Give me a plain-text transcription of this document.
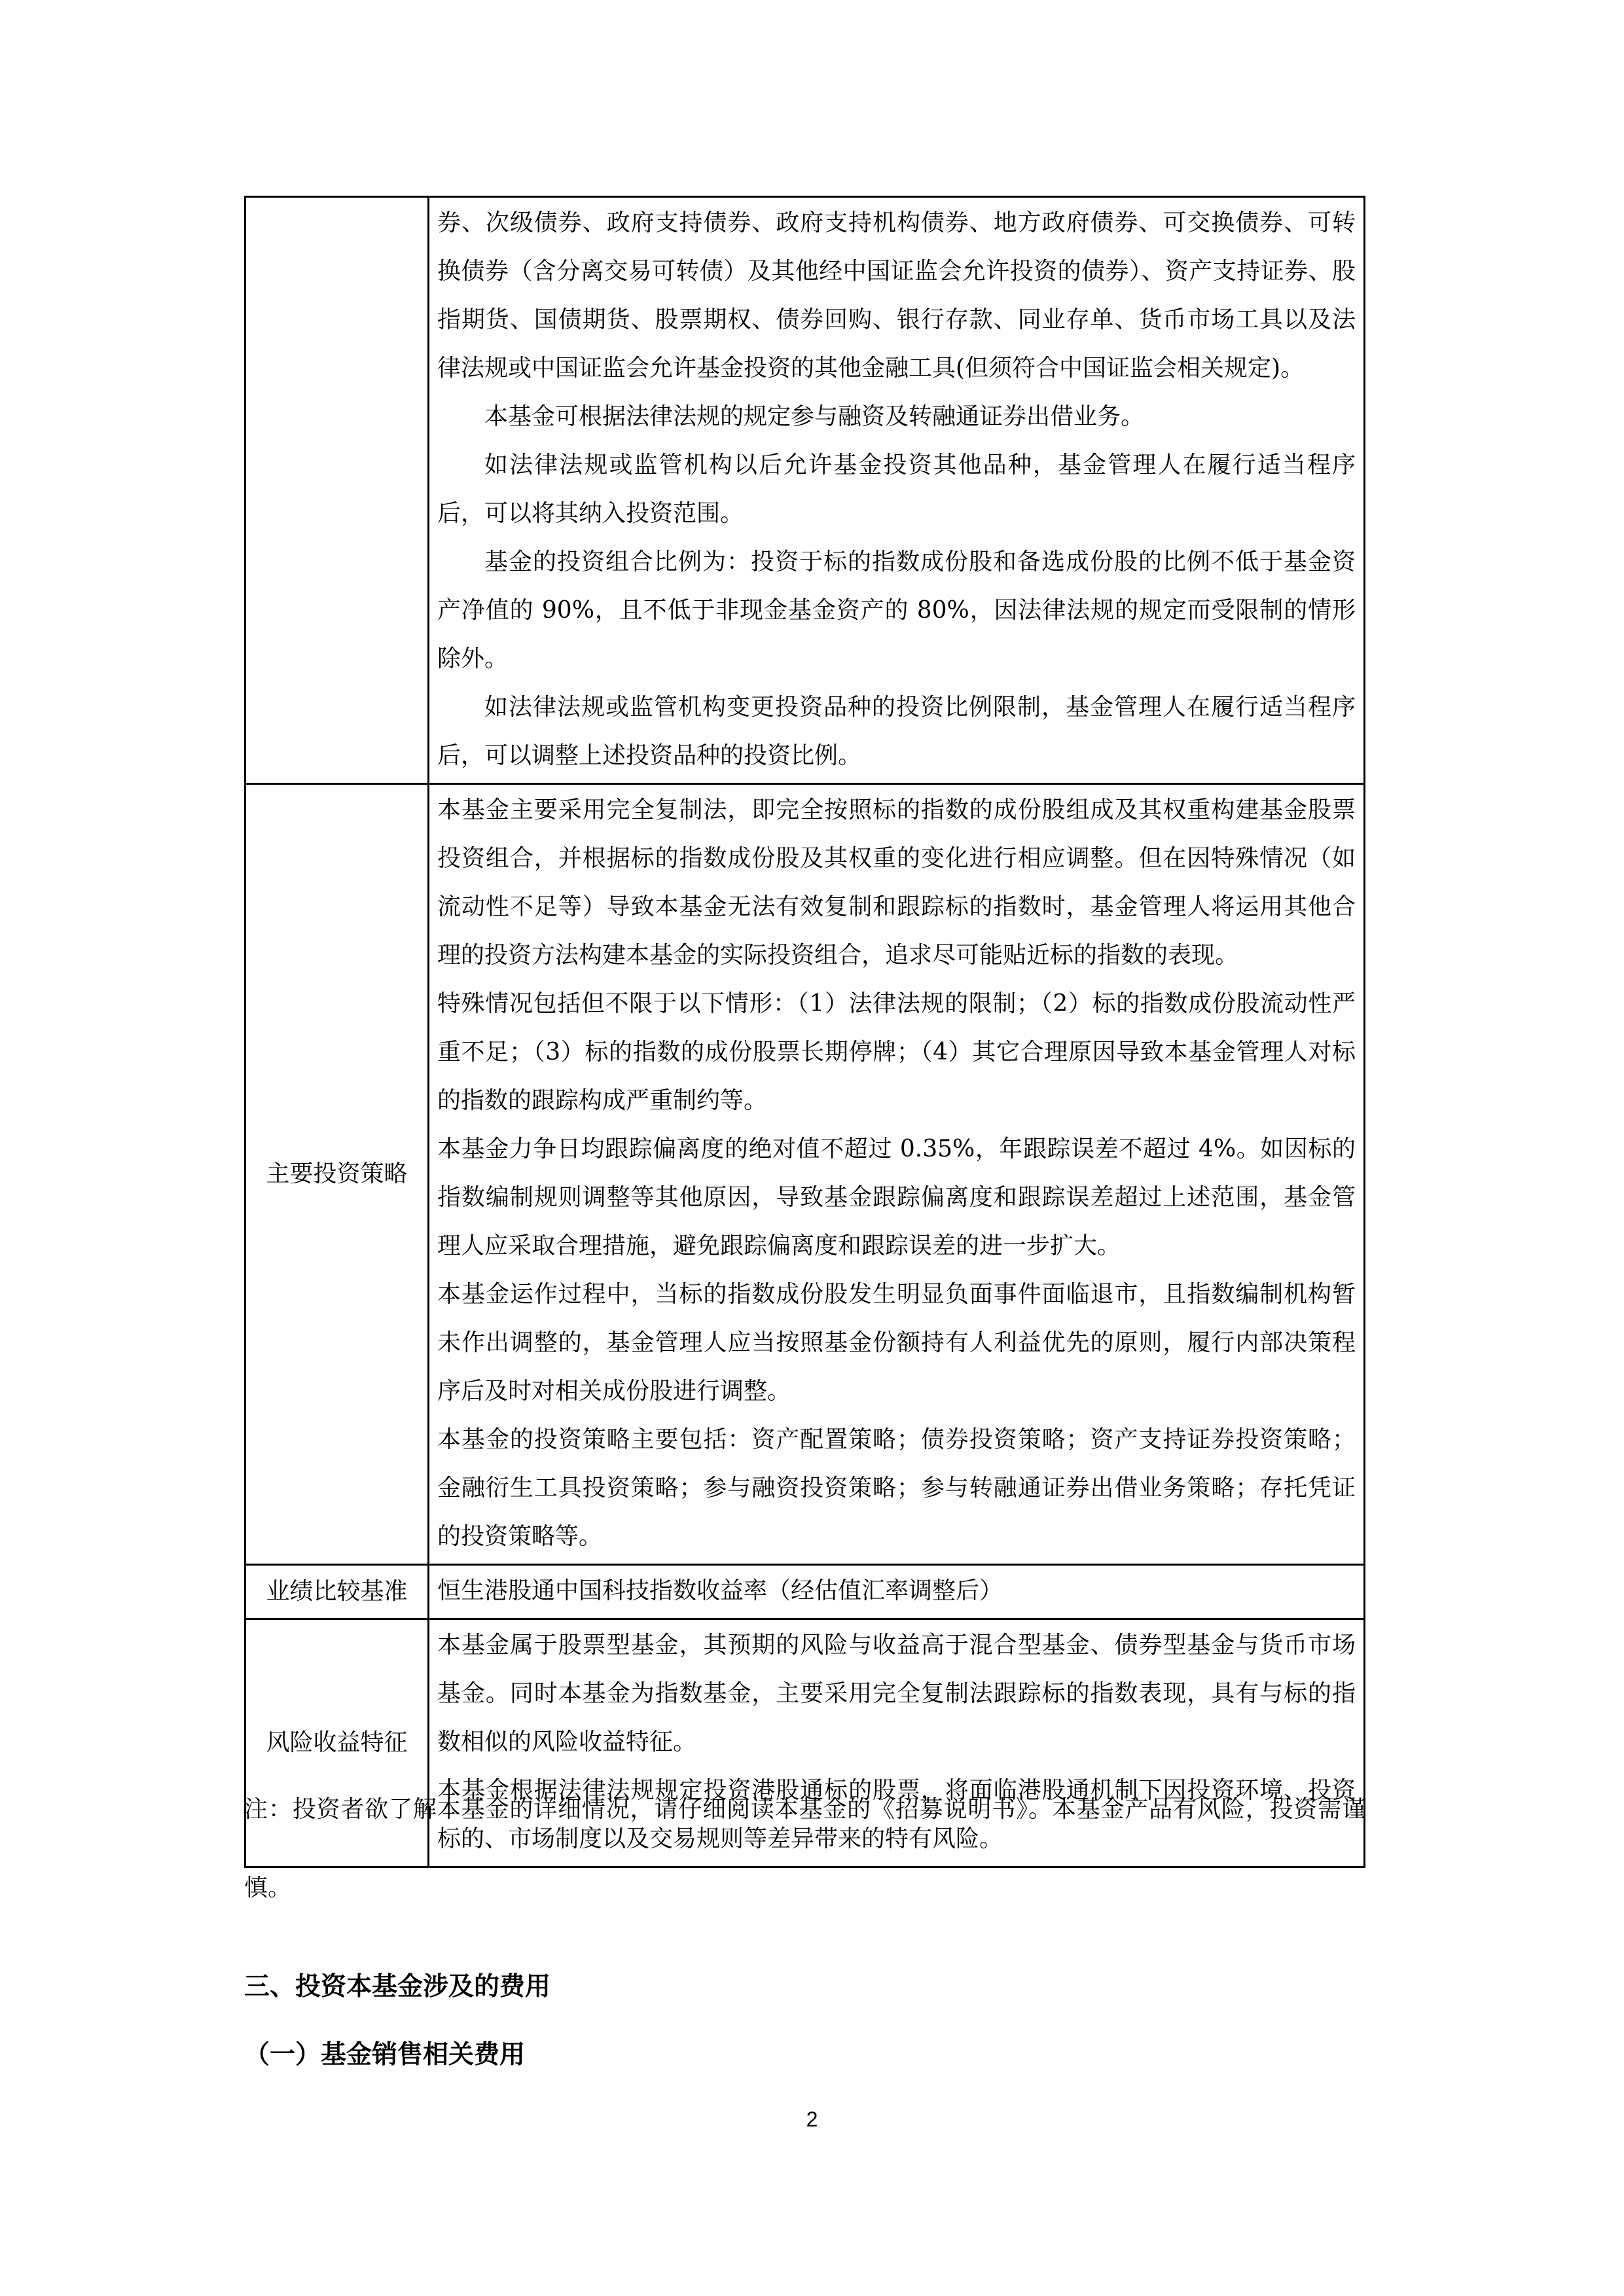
	券、次级债券、政府支持债券、政府支持机构债券、地方政府债券、可交换债券、可转换债券（含分离交易可转债）及其他经中国证监会允许投资的债券）、资产支持证券、股指期货、国债期货、股票期权、债券回购、银行存款、同业存单、货币市场工具以及法律法规或中国证监会允许基金投资的其他金融工具(但须符合中国证监会相关规定)。

本基金可根据法律法规的规定参与融资及转融通证券出借业务。

如法律法规或监管机构以后允许基金投资其他品种，基金管理人在履行适当程序后，可以将其纳入投资范围。

基金的投资组合比例为：投资于标的指数成份股和备选成份股的比例不低于基金资产净值的 90%，且不低于非现金基金资产的 80%，因法律法规的规定而受限制的情形除外。

如法律法规或监管机构变更投资品种的投资比例限制，基金管理人在履行适当程序后，可以调整上述投资品种的投资比例。

主要投资策略	本基金主要采用完全复制法，即完全按照标的指数的成份股组成及其权重构建基金股票投资组合，并根据标的指数成份股及其权重的变化进行相应调整。但在因特殊情况（如流动性不足等）导致本基金无法有效复制和跟踪标的指数时，基金管理人将运用其他合理的投资方法构建本基金的实际投资组合，追求尽可能贴近标的指数的表现。

特殊情况包括但不限于以下情形：（1）法律法规的限制；（2）标的指数成份股流动性严重不足；（3）标的指数的成份股票长期停牌；（4）其它合理原因导致本基金管理人对标的指数的跟踪构成严重制约等。

本基金力争日均跟踪偏离度的绝对值不超过 0.35%，年跟踪误差不超过 4%。如因标的指数编制规则调整等其他原因，导致基金跟踪偏离度和跟踪误差超过上述范围，基金管理人应采取合理措施，避免跟踪偏离度和跟踪误差的进一步扩大。

本基金运作过程中，当标的指数成份股发生明显负面事件面临退市，且指数编制机构暂未作出调整的，基金管理人应当按照基金份额持有人利益优先的原则，履行内部决策程序后及时对相关成份股进行调整。

本基金的投资策略主要包括：资产配置策略；债券投资策略；资产支持证券投资策略；金融衍生工具投资策略；参与融资投资策略；参与转融通证券出借业务策略；存托凭证的投资策略等。

业绩比较基准	恒生港股通中国科技指数收益率（经估值汇率调整后）

风险收益特征	本基金属于股票型基金，其预期的风险与收益高于混合型基金、债券型基金与货币市场基金。同时本基金为指数基金，主要采用完全复制法跟踪标的指数表现，具有与标的指数相似的风险收益特征。

本基金根据法律法规规定投资港股通标的股票，将面临港股通机制下因投资环境、投资标的、市场制度以及交易规则等差异带来的特有风险。

注：投资者欲了解本基金的详细情况，请仔细阅读本基金的《招募说明书》。本基金产品有风险，投资需谨慎。

三、投资本基金涉及的费用
（一）基金销售相关费用
2
